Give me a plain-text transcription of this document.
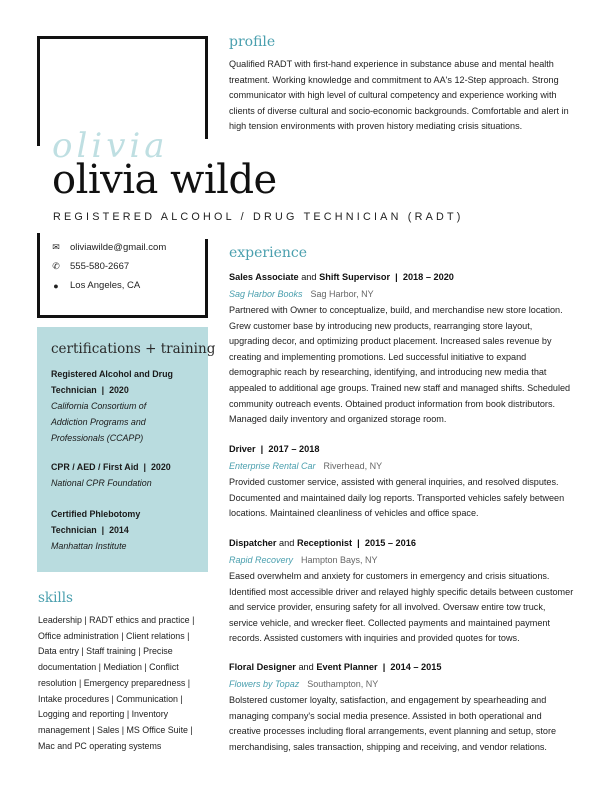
olivia
olivia wilde
REGISTERED ALCOHOL / DRUG TECHNICIAN (RADT)
✉ oliviawilde@gmail.com
✆ 555-580-2667
● Los Angeles, CA
certifications + training
Registered Alcohol and Drug
Technician  |  2020
California Consortium of
Addiction Programs and
Professionals (CCAPP)
CPR / AED / First Aid  |  2020
National CPR Foundation
Certified Phlebotomy
Technician  |  2014
Manhattan Institute
skills
Leadership | RADT ethics and practice |
Office administration | Client relations |
Data entry | Staff training | Precise
documentation | Mediation | Conflict
resolution | Emergency preparedness |
Intake procedures | Communication |
Logging and reporting | Inventory
management | Sales | MS Office Suite |
Mac and PC operating systems
profile
Qualified RADT with first-hand experience in substance abuse and mental health treatment. Working knowledge and commitment to AA's 12-Step approach. Strong communicator with high level of cultural competency and experience working with clients of diverse cultural and socio-economic backgrounds. Comfortable and alert in high tension environments with proven history mediating crisis situations.
experience
Sales Associate and Shift Supervisor  |  2018 – 2020
Sag Harbor Books Sag Harbor, NY
Partnered with Owner to conceptualize, build, and merchandise new store location. Grew customer base by introducing new products, rearranging store layout, upgrading decor, and optimizing product placement. Increased sales revenue by creating and implementing promotions. Led successful initiative to expand demographic reach by researching, identifying, and introducing new media that appealed to additional age groups. Trained new staff and managed shifts. Scheduled community outreach events. Obtained product information from book distributors. Managed daily inventory and organized storage room.
Driver  |  2017 – 2018
Enterprise Rental Car Riverhead, NY
Provided customer service, assisted with general inquiries, and resolved disputes. Documented and maintained daily log reports. Transported vehicles safely between locations. Maintained cleanliness of vehicles and office space.
Dispatcher and Receptionist  |  2015 – 2016
Rapid Recovery Hampton Bays, NY
Eased overwhelm and anxiety for customers in emergency and crisis situations. Identified most accessible driver and relayed highly specific details between customer and service provider, ensuring safety for all involved. Oversaw entire tow truck, service vehicle, and wrecker fleet. Collected payments and maintained payment records. Assisted customers with inquiries and provided quotes for tows.
Floral Designer and Event Planner  |  2014 – 2015
Flowers by Topaz Southampton, NY
Bolstered customer loyalty, satisfaction, and engagement by spearheading and managing company's social media presence. Assisted in both operational and creative processes including floral arrangements, event planning and setup, store merchandising, sales transaction, shipping and receiving, and vendor relations.
